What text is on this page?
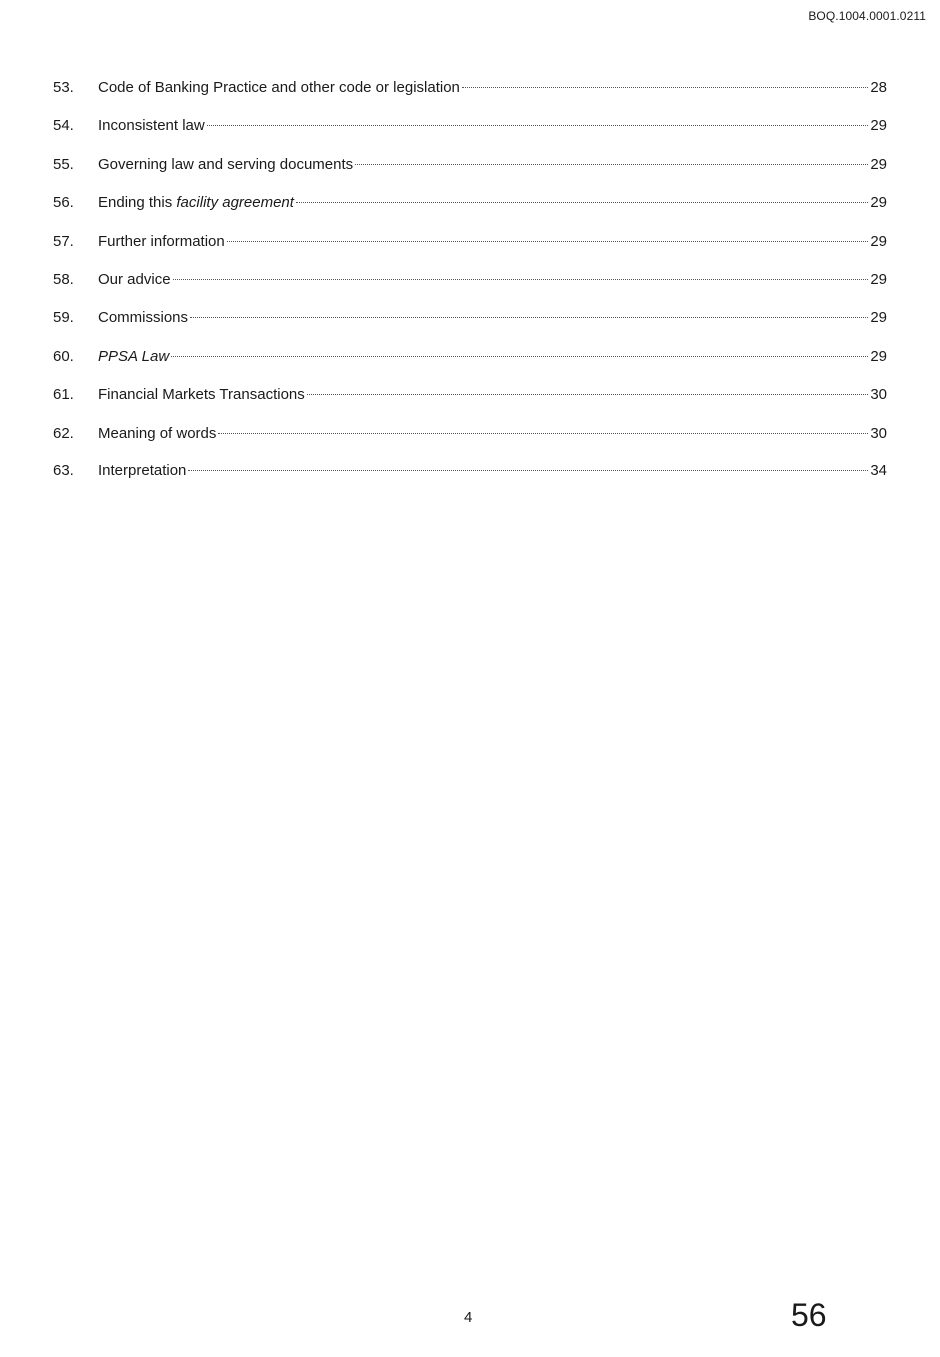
BOQ.1004.0001.0211
53.	Code of Banking Practice and other code or legislation	28
54.	Inconsistent law	29
55.	Governing law and serving documents	29
56.	Ending this facility agreement	29
57.	Further information	29
58.	Our advice	29
59.	Commissions	29
60.	PPSA Law	29
61.	Financial Markets Transactions	30
62.	Meaning of words	30
63.	Interpretation	34
4	56
